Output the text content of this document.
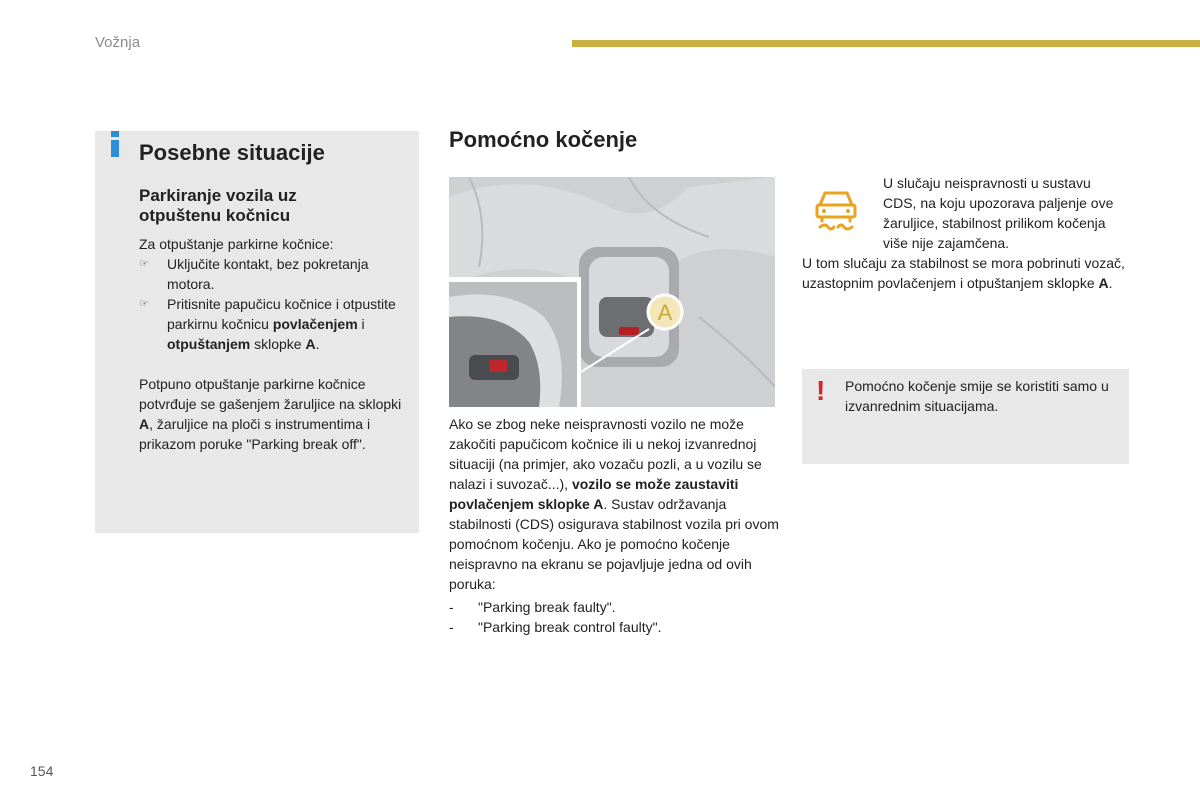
Vožnja
Posebne situacije
Parkiranje vozila uz otpuštenu kočnicu
Za otpuštanje parkirne kočnice:
☞ Uključite kontakt, bez pokretanja motora.
☞ Pritisnite papučicu kočnice i otpustite parkirnu kočnicu povlačenjem i otpuštanjem sklopke A.
Potpuno otpuštanje parkirne kočnice potvrđuje se gašenjem žaruljice na sklopki A, žaruljice na ploči s instrumentima i prikazom poruke "Parking break off".
Pomoćno kočenje
A
Ako se zbog neke neispravnosti vozilo ne može zakočiti papučicom kočnice ili u nekoj izvanrednoj situaciji (na primjer, ako vozaču pozli, a u vozilu se nalazi i suvozač...), vozilo se može zaustaviti povlačenjem sklopke A. Sustav održavanja stabilnosti (CDS) osigurava stabilnost vozila pri ovom pomoćnom kočenju. Ako je pomoćno kočenje neispravno na ekranu se pojavljuje jedna od ovih poruka:
- "Parking break faulty".
- "Parking break control faulty".
U slučaju neispravnosti u sustavu CDS, na koju upozorava paljenje ove žaruljice, stabilnost prilikom kočenja više nije zajamčena.
U tom slučaju za stabilnost se mora pobrinuti vozač, uzastopnim povlačenjem i otpuštanjem sklopke A.
!	Pomoćno kočenje smije se koristiti samo u izvanrednim situacijama.
154
